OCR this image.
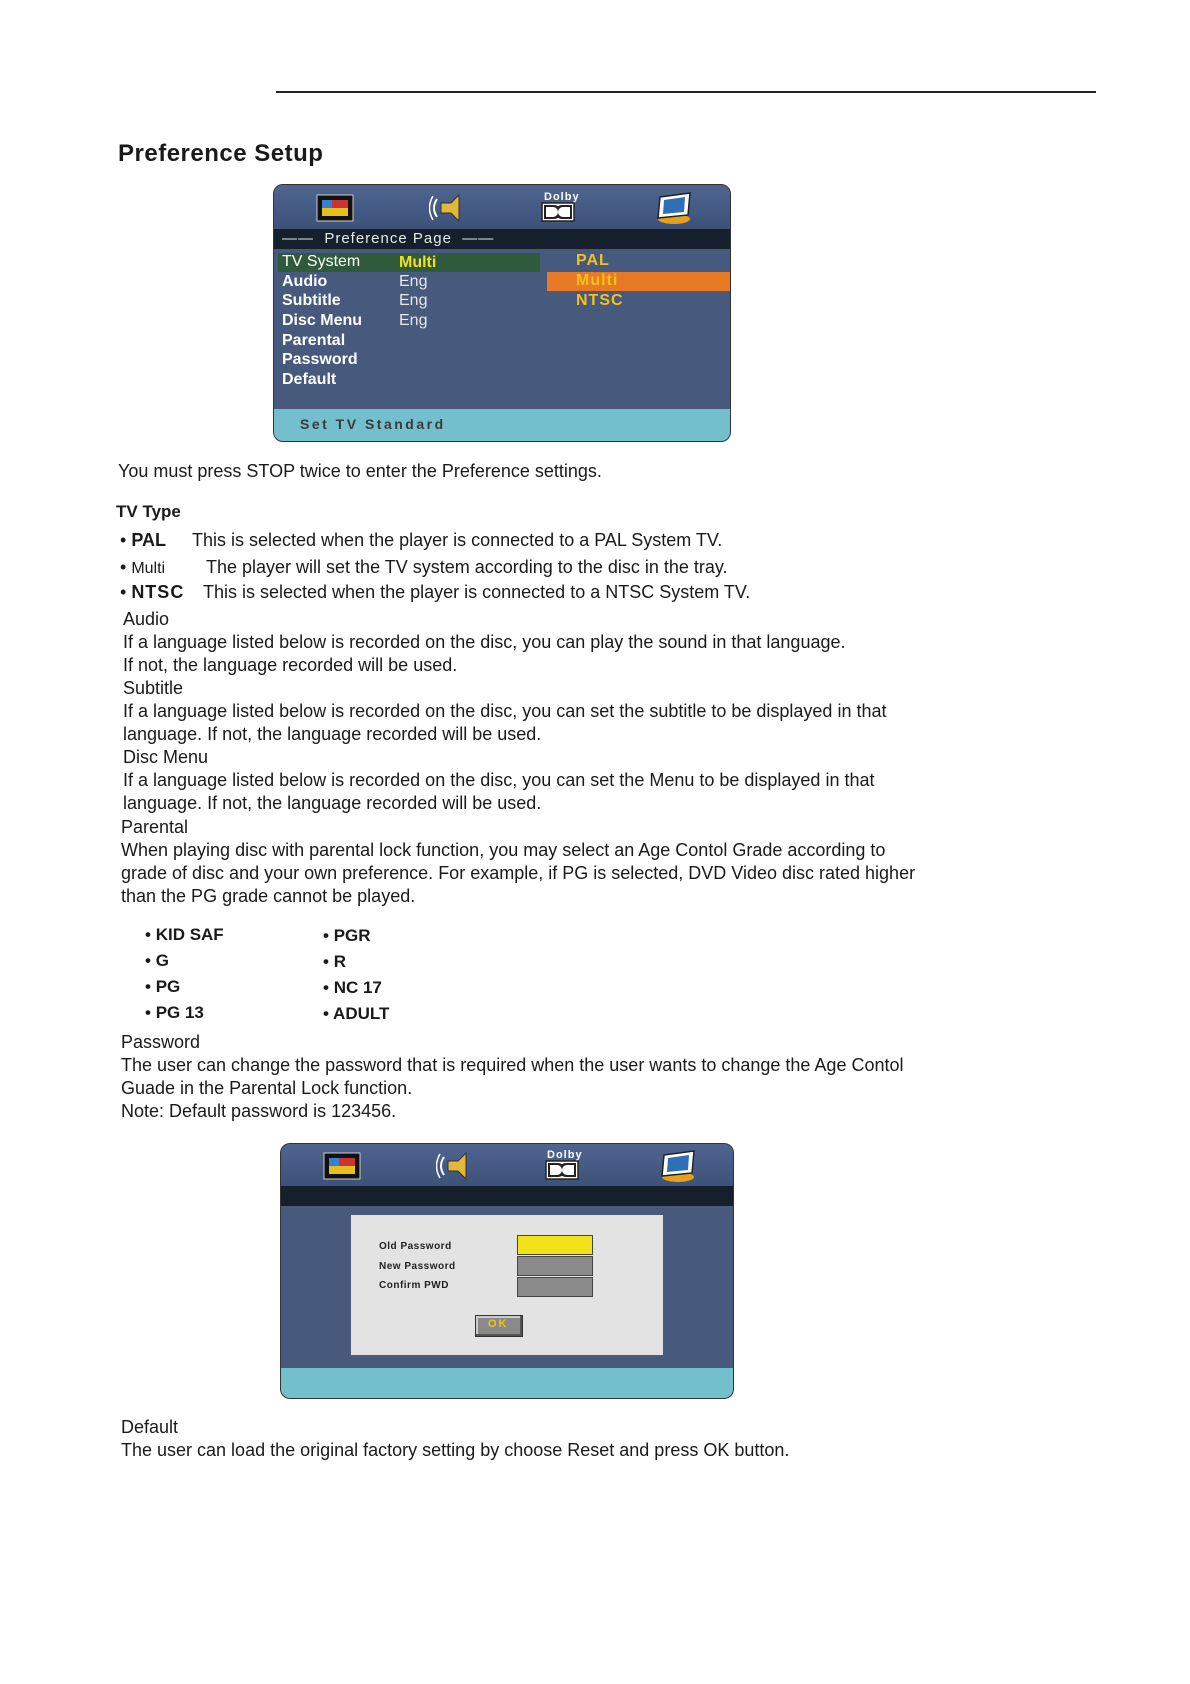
Preference Setup
Dolby
——  Preference Page  ——
TV System
Audio
Subtitle
Disc Menu
Parental
Password
Default
Multi
Eng
Eng
Eng
PAL
Multi
NTSC
Set TV Standard
You must press STOP twice to enter the Preference settings.
TV Type
• PAL This is selected when the player is connected to a PAL System TV.
• Multi The player will set the TV system according to the disc in the tray.
• NTSC This is selected when the player is connected to a NTSC System TV.
Audio
If a language listed below is recorded on the disc, you can play the sound in that language.
If not, the language recorded will be used.
Subtitle
If a language listed below is recorded on the disc, you can set the subtitle to be displayed in that
language. If not, the language recorded will be used.
Disc Menu
If a language listed below is recorded on the disc, you can set the Menu to be displayed in that
language. If not, the language recorded will be used.
Parental
When playing disc with parental lock function, you may select an Age Contol Grade according to
grade of disc and your own preference. For example, if PG is selected, DVD Video disc rated higher
than the PG grade cannot be played.
• KID SAF
• G
• PG
• PG 13
• PGR
• R
• NC 17
• ADULT
Password
The user can change the password that is required when the user wants to change the Age Contol
Guade in the Parental Lock function.
Note: Default password is 123456.
Dolby
Old Password
New Password
Confirm PWD
OK
Default
The user can load the original factory setting by choose Reset and press OK button.
